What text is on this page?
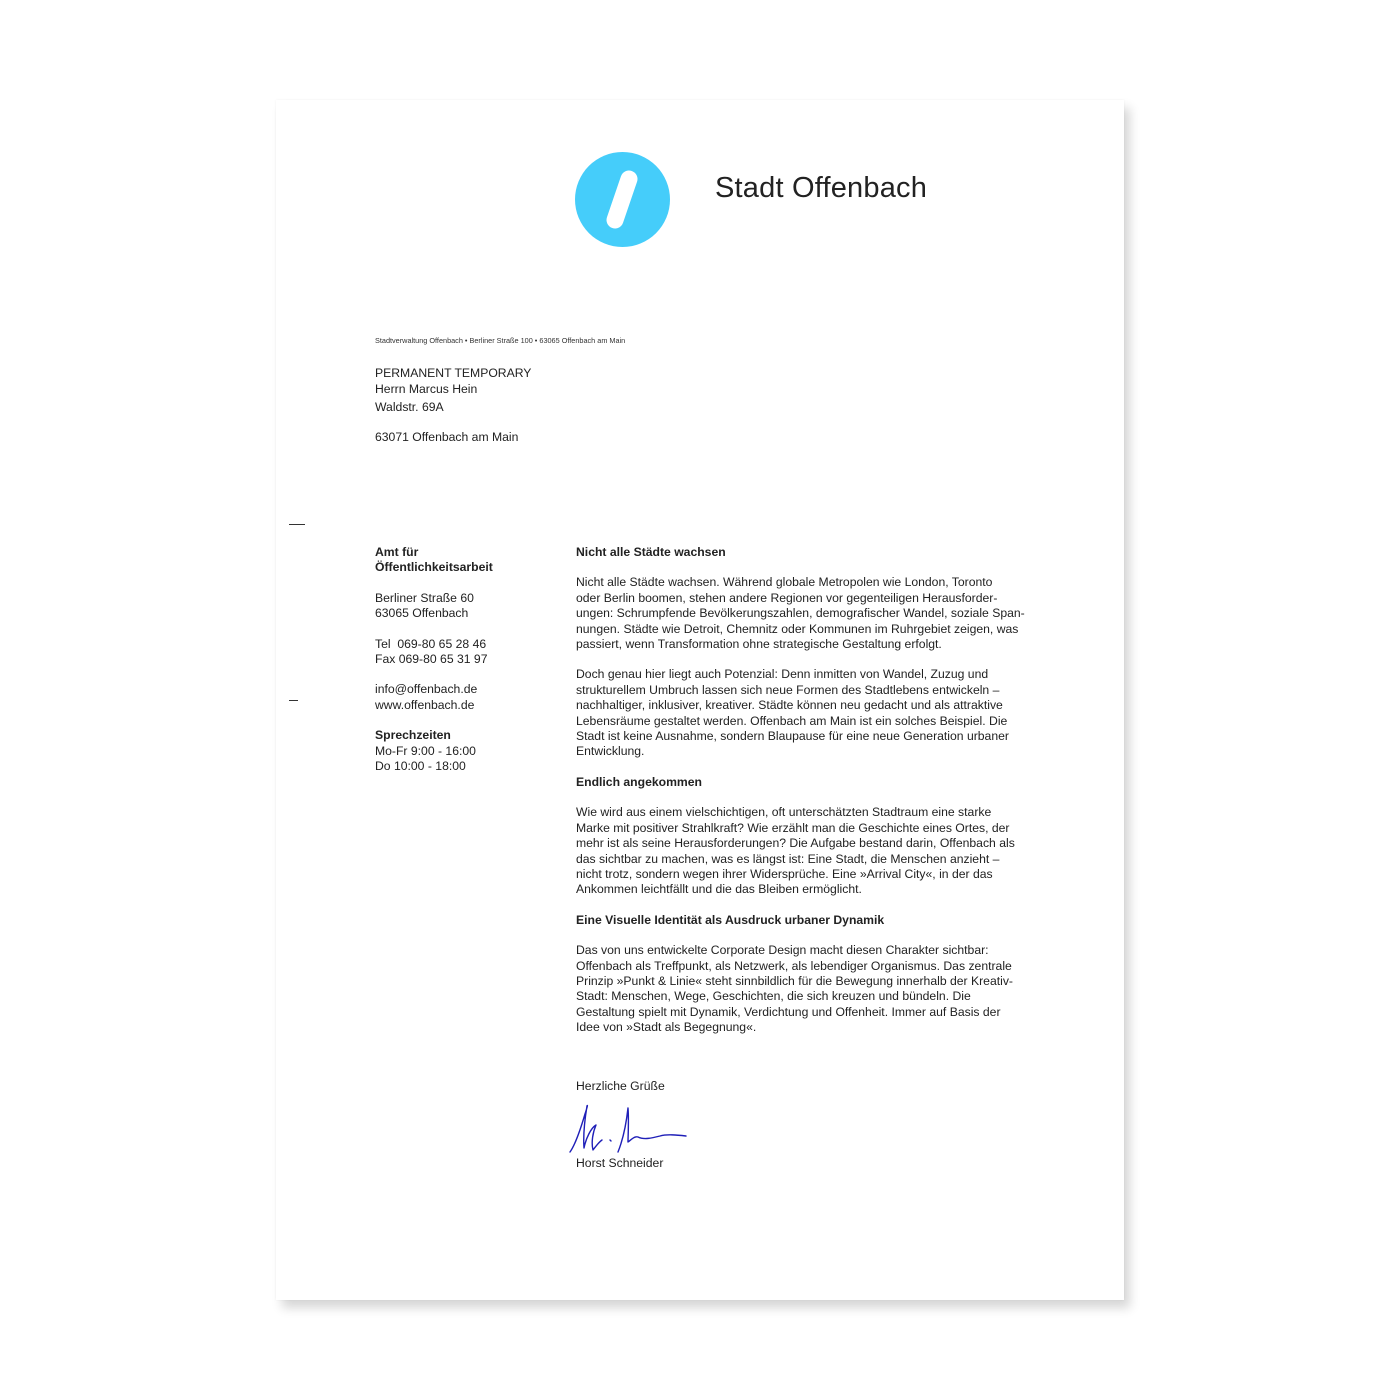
Stadt Offenbach
Stadtverwaltung Offenbach • Berliner Straße 100 • 63065 Offenbach am Main
PERMANENT TEMPORARY
Herrn Marcus Hein
Waldstr. 69A
63071 Offenbach am Main
Amt für
Öffentlichkeitsarbeit
Berliner Straße 60
63065 Offenbach
Tel  069-80 65 28 46
Fax 069-80 65 31 97
info@offenbach.de
www.offenbach.de
Sprechzeiten
Mo-Fr 9:00 - 16:00
Do 10:00 - 18:00
Nicht alle Städte wachsen
Nicht alle Städte wachsen. Während globale Metropolen wie London, Toronto
oder Berlin boomen, stehen andere Regionen vor gegenteiligen Herausforder-
ungen: Schrumpfende Bevölkerungszahlen, demografischer Wandel, soziale Span-
nungen. Städte wie Detroit, Chemnitz oder Kommunen im Ruhrgebiet zeigen, was
passiert, wenn Transformation ohne strategische Gestaltung erfolgt.
Doch genau hier liegt auch Potenzial: Denn inmitten von Wandel, Zuzug und
strukturellem Umbruch lassen sich neue Formen des Stadtlebens entwickeln –
nachhaltiger, inklusiver, kreativer. Städte können neu gedacht und als attraktive
Lebensräume gestaltet werden. Offenbach am Main ist ein solches Beispiel. Die
Stadt ist keine Ausnahme, sondern Blaupause für eine neue Generation urbaner
Entwicklung.
Endlich angekommen
Wie wird aus einem vielschichtigen, oft unterschätzten Stadtraum eine starke
Marke mit positiver Strahlkraft? Wie erzählt man die Geschichte eines Ortes, der
mehr ist als seine Herausforderungen? Die Aufgabe bestand darin, Offenbach als
das sichtbar zu machen, was es längst ist: Eine Stadt, die Menschen anzieht –
nicht trotz, sondern wegen ihrer Widersprüche. Eine »Arrival City«, in der das
Ankommen leichtfällt und die das Bleiben ermöglicht.
Eine Visuelle Identität als Ausdruck urbaner Dynamik
Das von uns entwickelte Corporate Design macht diesen Charakter sichtbar:
Offenbach als Treffpunkt, als Netzwerk, als lebendiger Organismus. Das zentrale
Prinzip »Punkt & Linie« steht sinnbildlich für die Bewegung innerhalb der Kreativ-
Stadt: Menschen, Wege, Geschichten, die sich kreuzen und bündeln. Die
Gestaltung spielt mit Dynamik, Verdichtung und Offenheit. Immer auf Basis der
Idee von »Stadt als Begegnung«.
Herzliche Grüße
Horst Schneider
